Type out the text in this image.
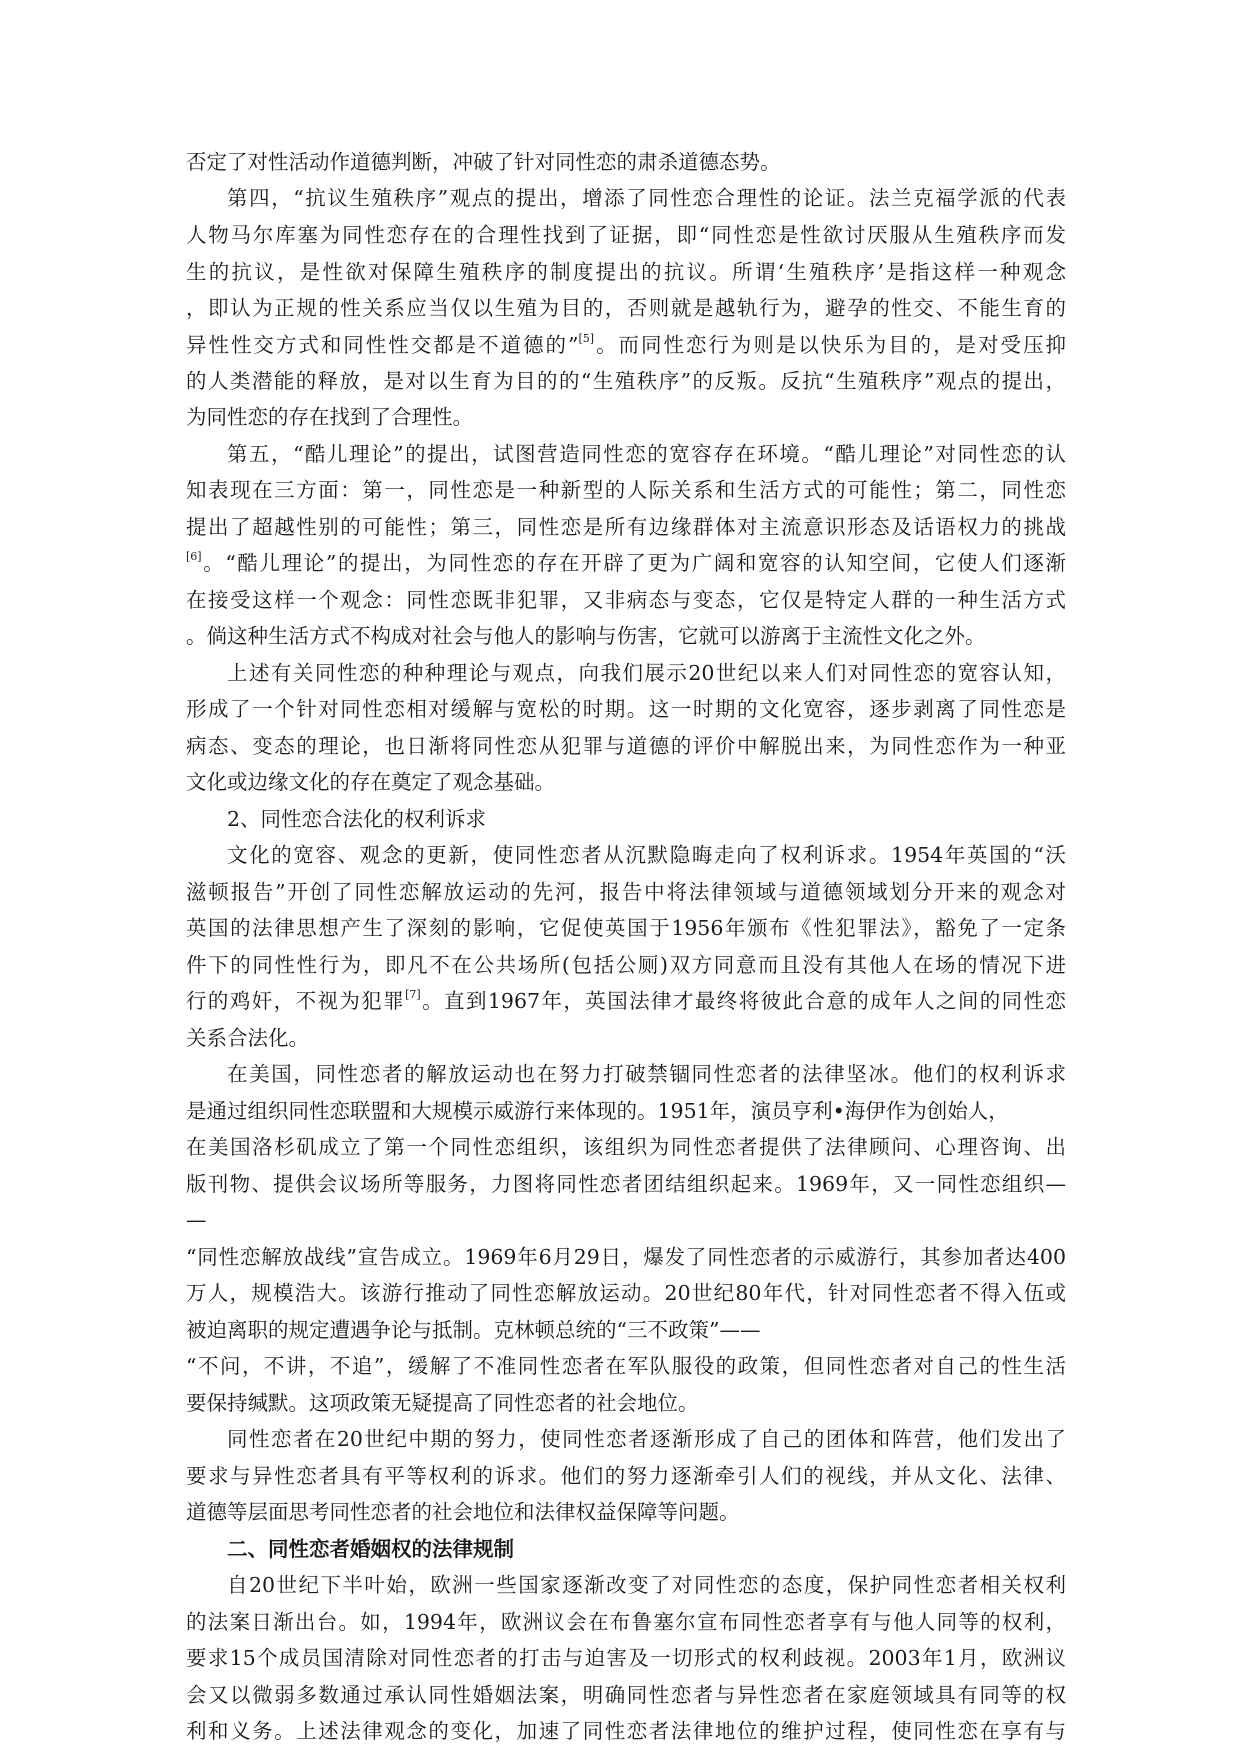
否定了对性活动作道德判断，冲破了针对同性恋的肃杀道德态势。
第四，“抗议生殖秩序”观点的提出，增添了同性恋合理性的论证。法兰克福学派的代表
人物马尔库塞为同性恋存在的合理性找到了证据，即“同性恋是性欲讨厌服从生殖秩序而发
生的抗议，是性欲对保障生殖秩序的制度提出的抗议。所谓‘生殖秩序’是指这样一种观念
，即认为正规的性关系应当仅以生殖为目的，否则就是越轨行为，避孕的性交、不能生育的
异性性交方式和同性性交都是不道德的”[5]。而同性恋行为则是以快乐为目的，是对受压抑
的人类潜能的释放，是对以生育为目的的“生殖秩序”的反叛。反抗“生殖秩序”观点的提出，
为同性恋的存在找到了合理性。
第五，“酷儿理论”的提出，试图营造同性恋的宽容存在环境。“酷儿理论”对同性恋的认
知表现在三方面：第一，同性恋是一种新型的人际关系和生活方式的可能性；第二，同性恋
提出了超越性别的可能性；第三，同性恋是所有边缘群体对主流意识形态及话语权力的挑战
[6]。“酷儿理论”的提出，为同性恋的存在开辟了更为广阔和宽容的认知空间，它使人们逐渐
在接受这样一个观念：同性恋既非犯罪，又非病态与变态，它仅是特定人群的一种生活方式
。倘这种生活方式不构成对社会与他人的影响与伤害，它就可以游离于主流性文化之外。
上述有关同性恋的种种理论与观点，向我们展示20世纪以来人们对同性恋的宽容认知，
形成了一个针对同性恋相对缓解与宽松的时期。这一时期的文化宽容，逐步剥离了同性恋是
病态、变态的理论，也日渐将同性恋从犯罪与道德的评价中解脱出来，为同性恋作为一种亚
文化或边缘文化的存在奠定了观念基础。
2、同性恋合法化的权利诉求
文化的宽容、观念的更新，使同性恋者从沉默隐晦走向了权利诉求。1954年英国的“沃
滋顿报告”开创了同性恋解放运动的先河，报告中将法律领域与道德领域划分开来的观念对
英国的法律思想产生了深刻的影响，它促使英国于1956年颁布《性犯罪法》，豁免了一定条
件下的同性性行为，即凡不在公共场所(包括公厕)双方同意而且没有其他人在场的情况下进
行的鸡奸，不视为犯罪[7]。直到1967年，英国法律才最终将彼此合意的成年人之间的同性恋
关系合法化。
在美国，同性恋者的解放运动也在努力打破禁锢同性恋者的法律坚冰。他们的权利诉求
是通过组织同性恋联盟和大规模示威游行来体现的。1951年，演员亨利•海伊作为创始人，
在美国洛杉矶成立了第一个同性恋组织，该组织为同性恋者提供了法律顾问、心理咨询、出
版刊物、提供会议场所等服务，力图将同性恋者团结组织起来。1969年，又一同性恋组织—
—
“同性恋解放战线”宣告成立。1969年6月29日，爆发了同性恋者的示威游行，其参加者达400
万人，规模浩大。该游行推动了同性恋解放运动。20世纪80年代，针对同性恋者不得入伍或
被迫离职的规定遭遇争论与抵制。克林顿总统的“三不政策”——
“不问，不讲，不追”，缓解了不准同性恋者在军队服役的政策，但同性恋者对自己的性生活
要保持缄默。这项政策无疑提高了同性恋者的社会地位。
同性恋者在20世纪中期的努力，使同性恋者逐渐形成了自己的团体和阵营，他们发出了
要求与异性恋者具有平等权利的诉求。他们的努力逐渐牵引人们的视线，并从文化、法律、
道德等层面思考同性恋者的社会地位和法律权益保障等问题。
二、同性恋者婚姻权的法律规制
自20世纪下半叶始，欧洲一些国家逐渐改变了对同性恋的态度，保护同性恋者相关权利
的法案日渐出台。如，1994年，欧洲议会在布鲁塞尔宣布同性恋者享有与他人同等的权利，
要求15个成员国清除对同性恋者的打击与迫害及一切形式的权利歧视。2003年1月，欧洲议
会又以微弱多数通过承认同性婚姻法案，明确同性恋者与异性恋者在家庭领域具有同等的权
利和义务。上述法律观念的变化，加速了同性恋者法律地位的维护过程，使同性恋在享有与
